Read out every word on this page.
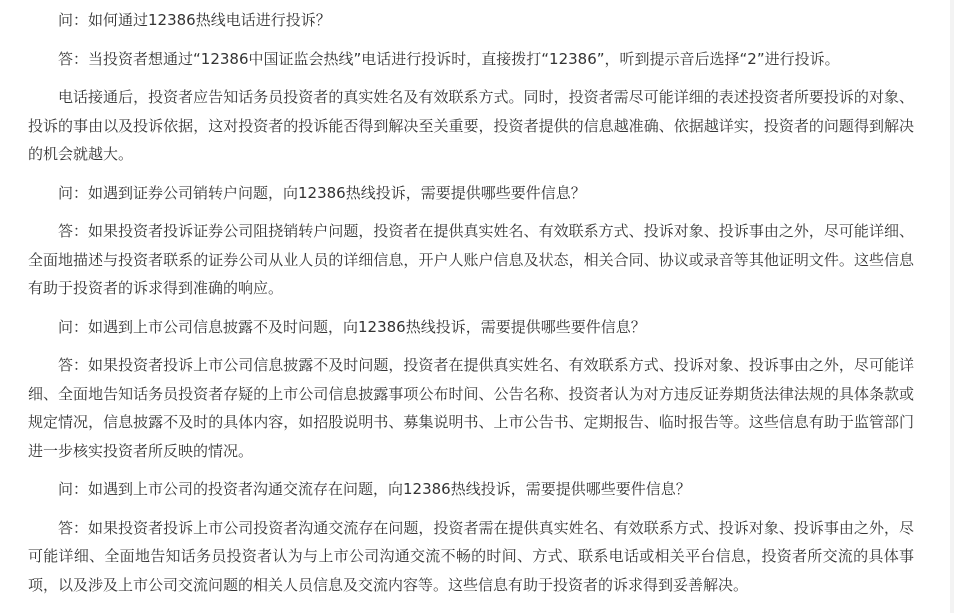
问：如何通过12386热线电话进行投诉？

答：当投资者想通过“12386中国证监会热线”电话进行投诉时，直接拨打“12386”，听到提示音后选择“2”进行投诉。

电话接通后，投资者应告知话务员投资者的真实姓名及有效联系方式。同时，投资者需尽可能详细的表述投资者所要投诉的对象、投诉的事由以及投诉依据，这对投资者的投诉能否得到解决至关重要，投资者提供的信息越准确、依据越详实，投资者的问题得到解决的机会就越大。

问：如遇到证券公司销转户问题，向12386热线投诉，需要提供哪些要件信息？

答：如果投资者投诉证券公司阻挠销转户问题，投资者在提供真实姓名、有效联系方式、投诉对象、投诉事由之外，尽可能详细、全面地描述与投资者联系的证券公司从业人员的详细信息，开户人账户信息及状态，相关合同、协议或录音等其他证明文件。这些信息有助于投资者的诉求得到准确的响应。

问：如遇到上市公司信息披露不及时问题，向12386热线投诉，需要提供哪些要件信息？

答：如果投资者投诉上市公司信息披露不及时问题，投资者在提供真实姓名、有效联系方式、投诉对象、投诉事由之外，尽可能详细、全面地告知话务员投资者存疑的上市公司信息披露事项公布时间、公告名称、投资者认为对方违反证券期货法律法规的具体条款或规定情况，信息披露不及时的具体内容，如招股说明书、募集说明书、上市公告书、定期报告、临时报告等。这些信息有助于监管部门进一步核实投资者所反映的情况。

问：如遇到上市公司的投资者沟通交流存在问题，向12386热线投诉，需要提供哪些要件信息？

答：如果投资者投诉上市公司投资者沟通交流存在问题，投资者需在提供真实姓名、有效联系方式、投诉对象、投诉事由之外，尽可能详细、全面地告知话务员投资者认为与上市公司沟通交流不畅的时间、方式、联系电话或相关平台信息，投资者所交流的具体事项，以及涉及上市公司交流问题的相关人员信息及交流内容等。这些信息有助于投资者的诉求得到妥善解决。
